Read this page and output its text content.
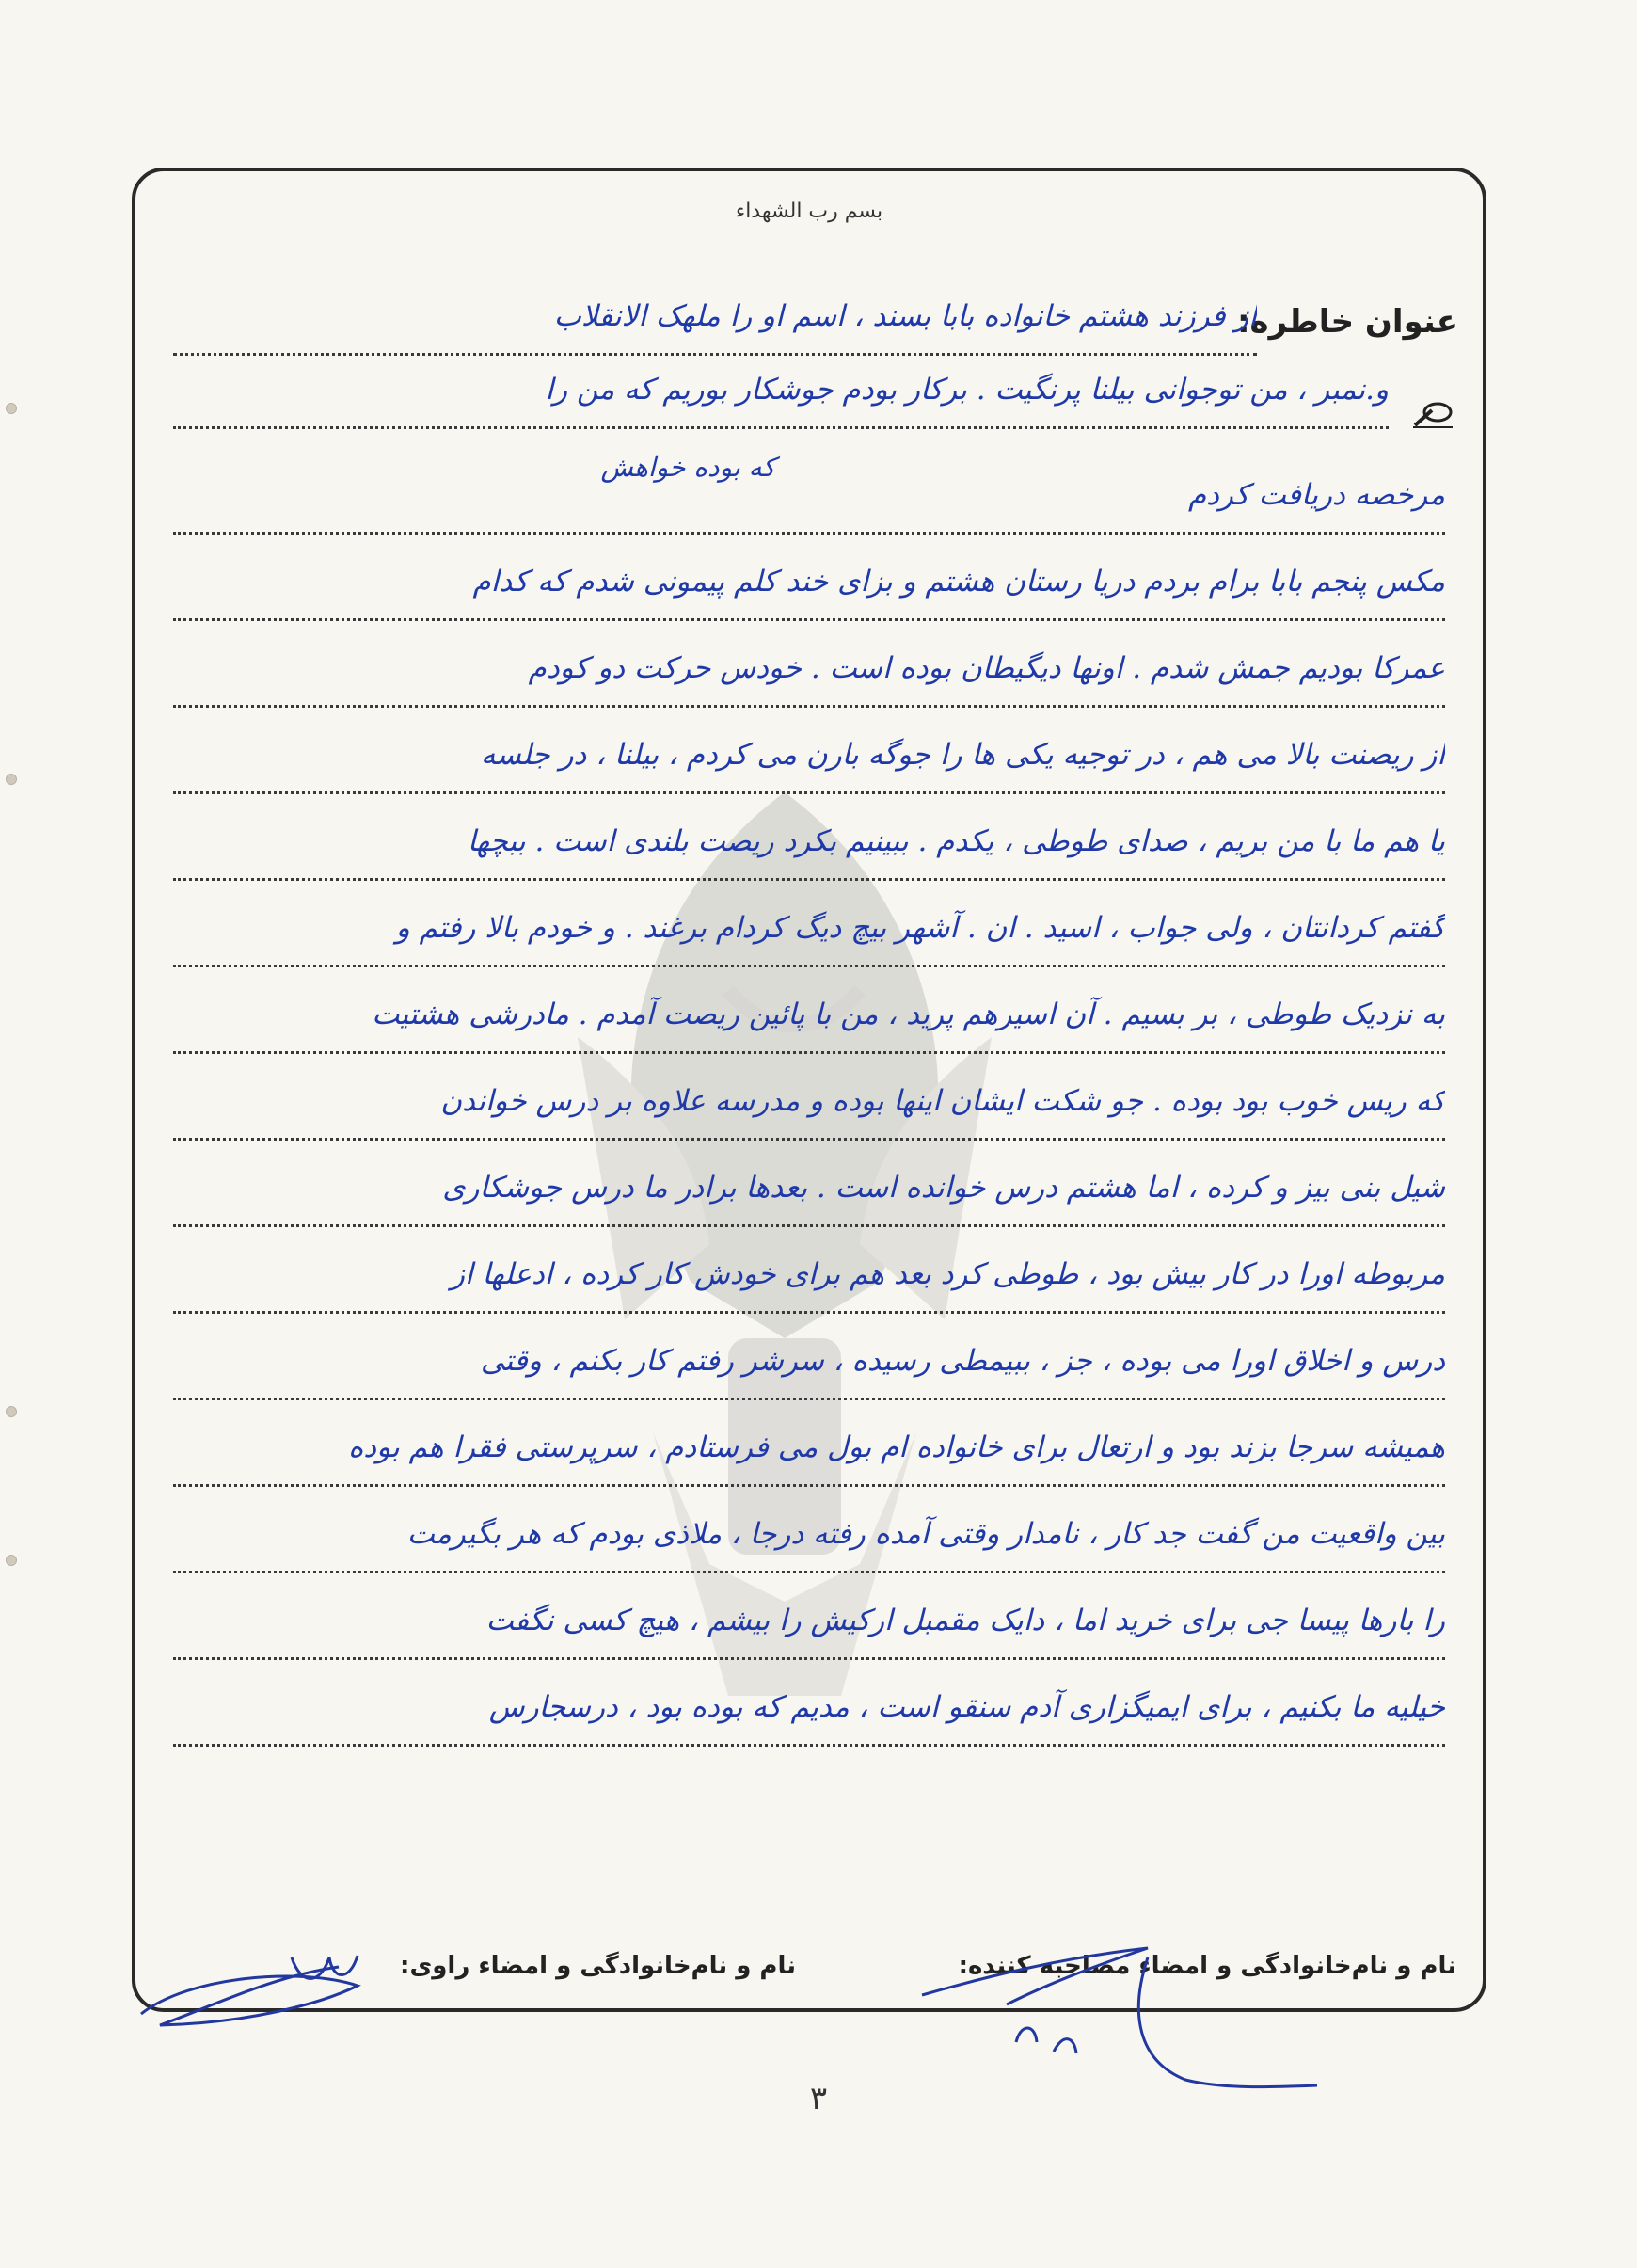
بسم رب الشهداء
عنوان خاطره:
که بوده خواهش
از فرزند هشتم خانواده بابا بسند ، اسم او را ملهک الانقلاب
و.نمبر ، من توجوانی بیلنا پرنگیت . برکار بودم جوشکار بوریم که من را
مرخصه دریافت کردم
مکس پنجم بابا برام بردم دریا رستان هشتم و بزای خند کلم پیمونی شدم که کدام
عمرکا بودیم جمش شدم . اونها دیگیطان بوده است . خودس حرکت دو کودم
از ریصنت بالا می هم ، در توجیه یکی ها را جوگه بارن می کردم ، بیلنا ، در جلسه
یا هم ما با من بریم ، صدای طوطی ، یکدم . ببینیم بکرد ریصت بلندی است . ببچها
گفتم کردانتان ، ولی جواب ، اسید . ان . آشهر بیچ دیگ کردام برغند . و خودم بالا رفتم و
به نزدیک طوطی ، بر بسیم . آن اسیرهم پرید ، من با پائین ریصت آمدم . مادرشی هشتیت
که ریس خوب بود بوده . جو شکت ایشان اینها بوده و مدرسه علاوه بر درس خواندن
شیل بنی بیز و کرده ، اما هشتم درس خوانده است . بعدها برادر ما درس جوشکاری
مربوطه اورا در کار بیش بود ، طوطی کرد بعد هم برای خودش کار کرده ، ادعلها از
درس و اخلاق اورا می بوده ، جز ، ببیمطی رسیده ، سرشر رفتم کار بکنم ، وقتی
همیشه سرجا بزند بود و ارتعال برای خانواده ام بول می فرستادم ، سرپرستی فقرا هم بوده
بین واقعیت من گفت جد کار ، نامدار وقتی آمده رفته درجا ، ملاذی بودم که هر بگیرمت
را بارها پیسا جی برای خرید اما ، دایک مقمبل ارکیش را بیشم ، هیچ کسی نگفت
خیلیه ما بکنیم ، برای ایمیگزاری آدم سنقو است ، مدیم که بوده بود ، درسجارس
نام و نام‌خانوادگی و امضاء مصاحبه کننده:
نام و نام‌خانوادگی و امضاء راوی:
۳
